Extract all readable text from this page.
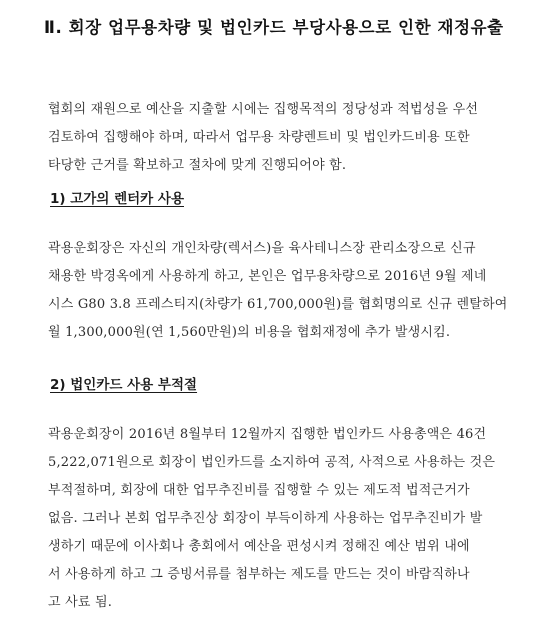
Ⅱ. 회장 업무용차량 및 법인카드 부당사용으로 인한 재정유출
협회의 재원으로 예산을 지출할 시에는 집행목적의 정당성과 적법성을 우선
검토하여 집행해야 하며, 따라서 업무용 차량렌트비 및 법인카드비용 또한
타당한 근거를 확보하고 절차에 맞게 진행되어야 함.
1) 고가의 렌터카 사용
곽용운회장은 자신의 개인차량(렉서스)을 육사테니스장 관리소장으로 신규
채용한 박경옥에게 사용하게 하고, 본인은 업무용차량으로 2016년 9월 제네
시스 G80 3.8 프레스티지(차량가 61,700,000원)를 협회명의로 신규 렌탈하여
월 1,300,000원(연 1,560만원)의 비용을 협회재정에 추가 발생시킴.
2) 법인카드 사용 부적절
곽용운회장이 2016년 8월부터 12월까지 집행한 법인카드 사용총액은 46건
5,222,071원으로 회장이 법인카드를 소지하여 공적, 사적으로 사용하는 것은
부적절하며, 회장에 대한 업무추진비를 집행할 수 있는 제도적 법적근거가
없음. 그러나 본회 업무추진상 회장이 부득이하게 사용하는 업무추진비가 발
생하기 때문에 이사회나 총회에서 예산을 편성시켜 정해진 예산 범위 내에
서 사용하게 하고 그 증빙서류를 첨부하는 제도를 만드는 것이 바람직하나
고 사료 됨.
